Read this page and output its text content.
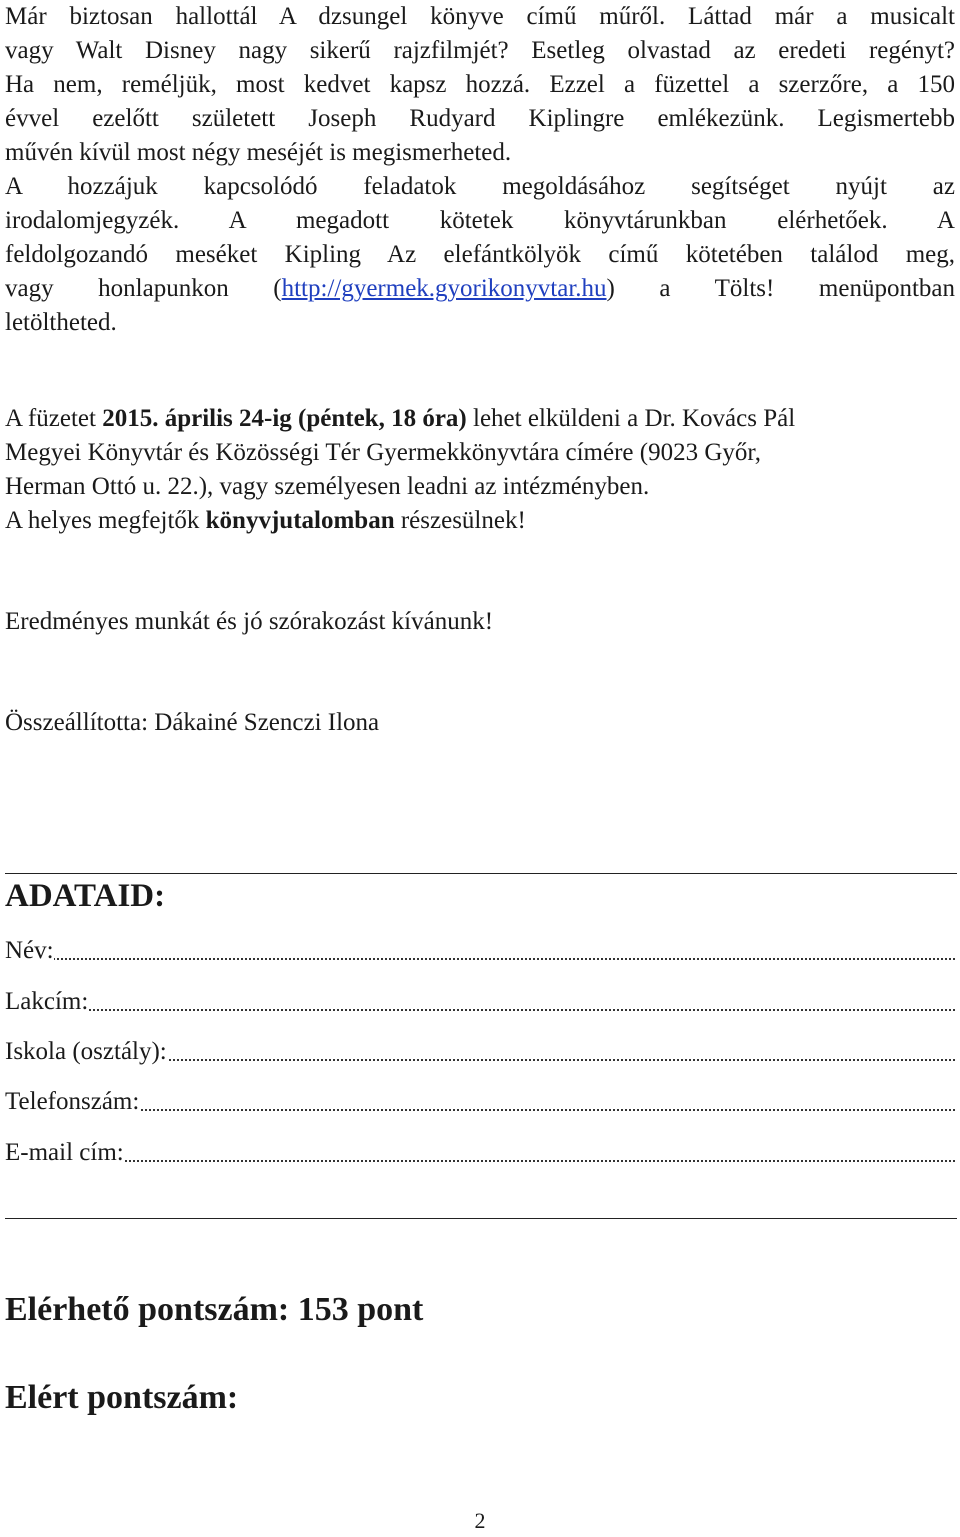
Már biztosan hallottál A dzsungel könyve című műről. Láttad már a musicalt
vagy Walt Disney nagy sikerű rajzfilmjét? Esetleg olvastad az eredeti regényt?
Ha nem, reméljük, most kedvet kapsz hozzá. Ezzel a füzettel a szerzőre, a 150
évvel ezelőtt született Joseph Rudyard Kiplingre emlékezünk. Legismertebb
művén kívül most négy meséjét is megismerheted.
A hozzájuk kapcsolódó feladatok megoldásához segítséget nyújt az
irodalomjegyzék. A megadott kötetek könyvtárunkban elérhetőek. A
feldolgozandó meséket Kipling Az elefántkölyök című kötetében találod meg,
vagy honlapunkon (http://gyermek.gyorikonyvtar.hu) a Tölts! menüpontban
letöltheted.
A füzetet 2015. április 24-ig (péntek, 18 óra) lehet elküldeni a Dr. Kovács Pál
Megyei Könyvtár és Közösségi Tér Gyermekkönyvtára címére (9023 Győr,
Herman Ottó u. 22.), vagy személyesen leadni az intézményben.
A helyes megfejtők könyvjutalomban részesülnek!
Eredményes munkát és jó szórakozást kívánunk!
Összeállította: Dákainé Szenczi Ilona
ADATAID:
Név:
Lakcím:
Iskola (osztály):
Telefonszám:
E-mail cím:
Elérhető pontszám: 153 pont
Elért pontszám:
2
